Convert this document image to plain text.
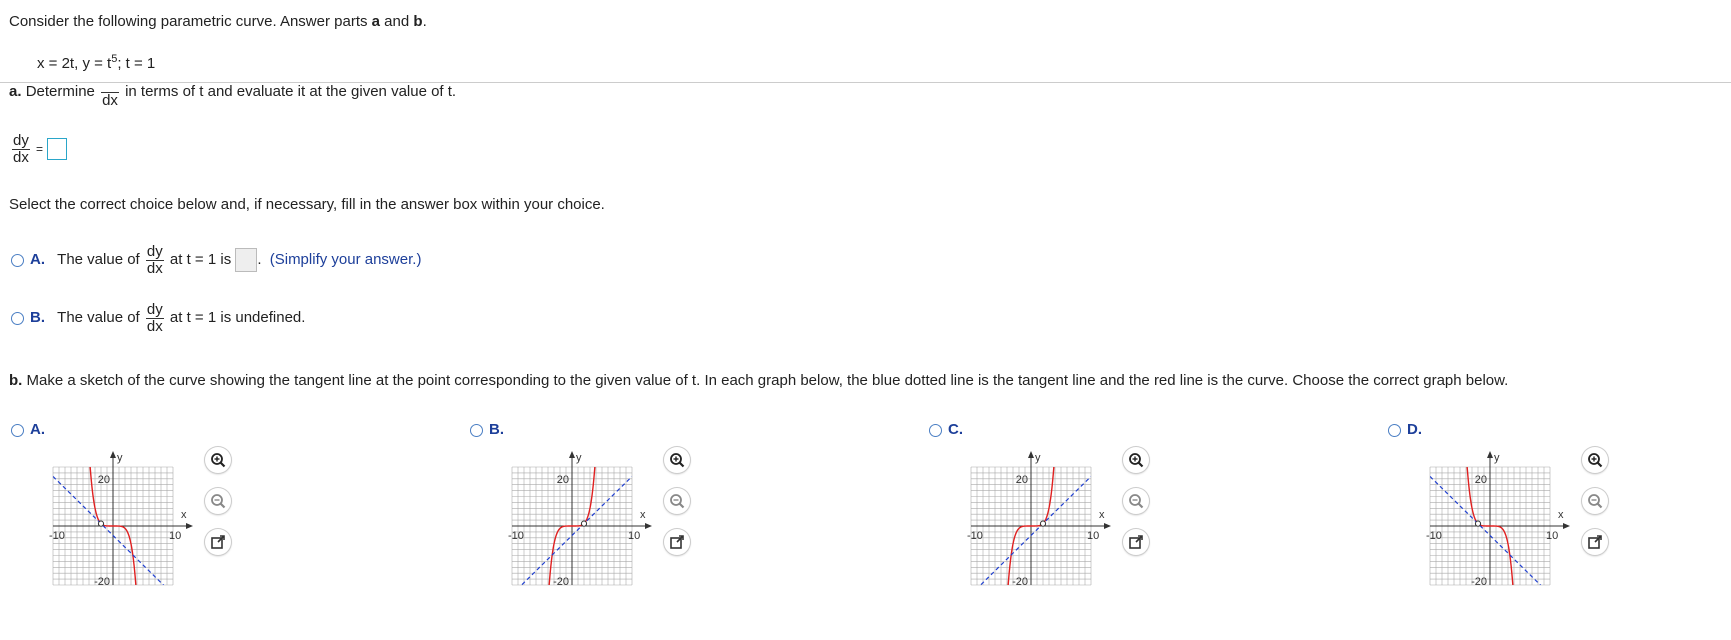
Consider the following parametric curve. Answer parts a and b.
x = 2t, $y = t^5$; t = 1
a. Determine
dx
in terms of t and evaluate it at the given value of t.
$\frac{dy}{dx}$ =
Select the correct choice below and, if necessary, fill in the answer box within your choice.
A. The value of $\frac{dy}{dx}$ at t = 1 is . (Simplify your answer.)
B. The value of $\frac{dy}{dx}$ at t = 1 is undefined.
b. Make a sketch of the curve showing the tangent line at the point corresponding to the given value of t. In each graph below, the blue dotted line is the tangent line and the red line is the curve. Choose the correct graph below.
A.
y
x
20
-20
-10	10
B.
y
x
20
-20
-10	10
C.
y
x
20
-20
-10	10
D.
y
x
20
-20
-10	10
